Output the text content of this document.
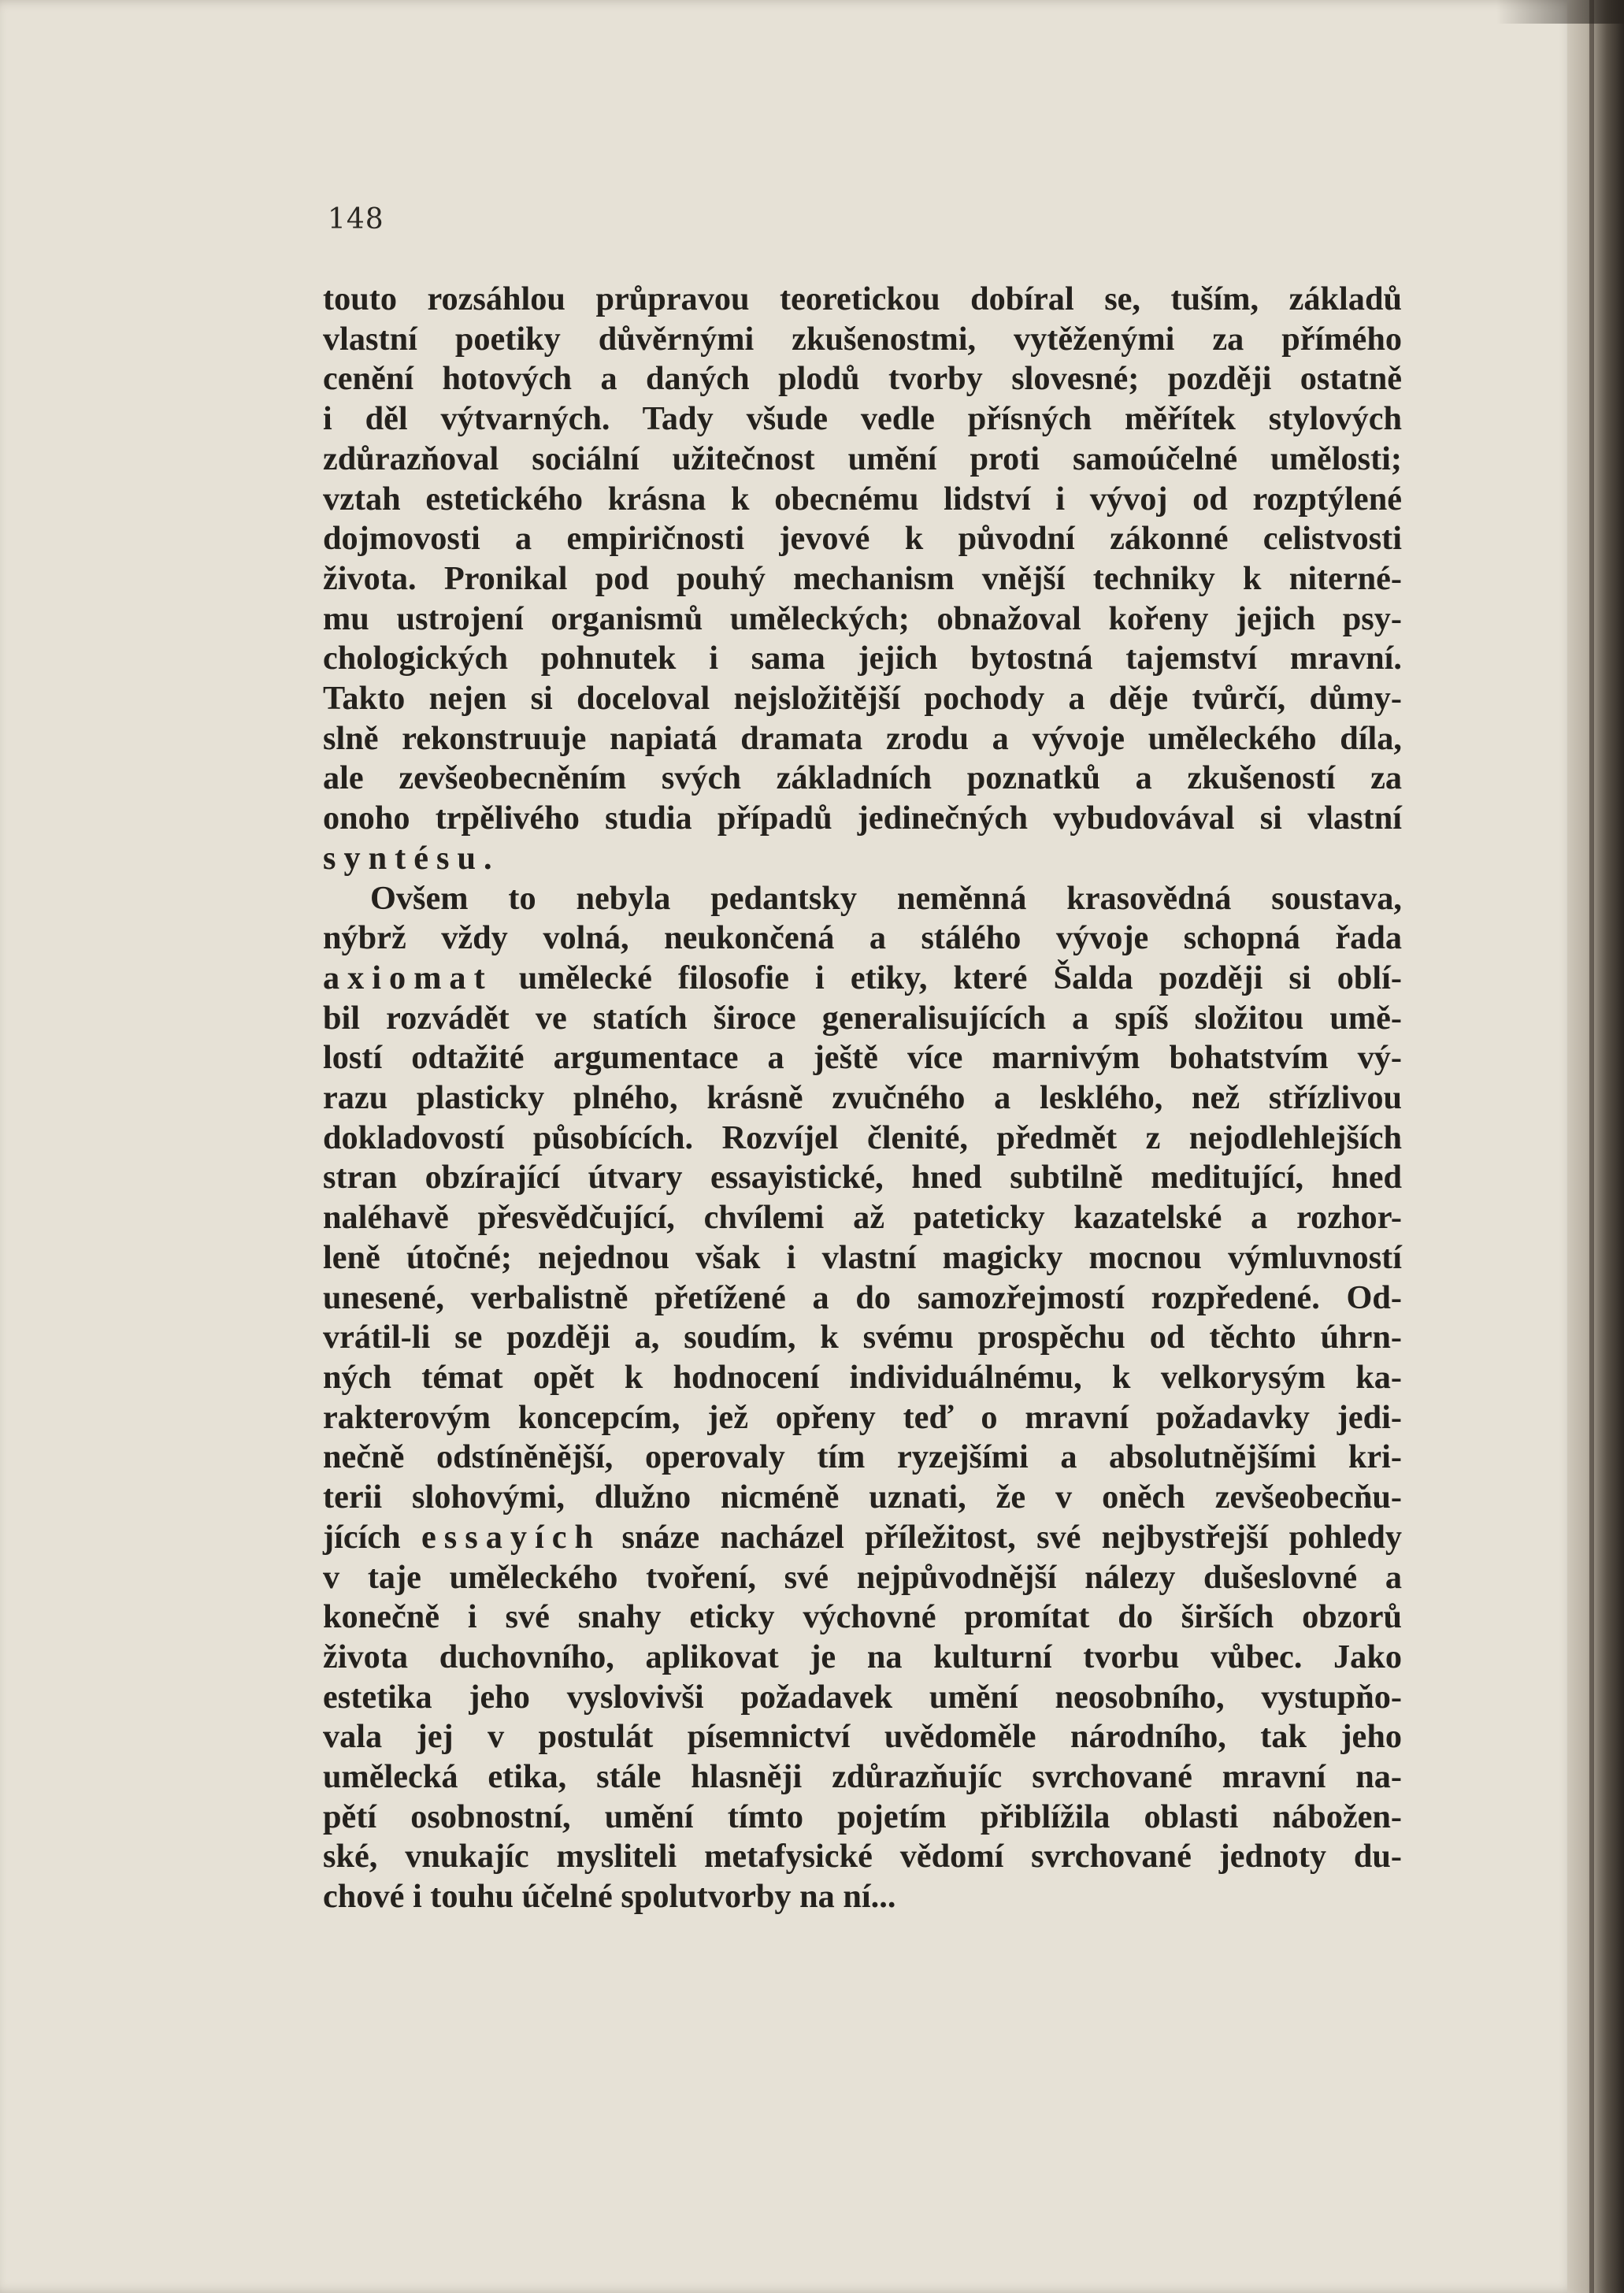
148
touto rozsáhlou průpravou teoretickou dobíral se, tuším, základů
vlastní poetiky důvěrnými zkušenostmi, vytěženými za přímého
cenění hotových a daných plodů tvorby slovesné; později ostatně
i děl výtvarných. Tady všude vedle přísných měřítek stylových
zdůrazňoval sociální užitečnost umění proti samoúčelné umělosti;
vztah estetického krásna k obecnému lidství i vývoj od rozptýlené
dojmovosti a empiričnosti jevové k původní zákonné celistvosti
života. Pronikal pod pouhý mechanism vnější techniky k niterné-
mu ustrojení organismů uměleckých; obnažoval kořeny jejich psy-
chologických pohnutek i sama jejich bytostná tajemství mravní.
Takto nejen si doceloval nejsložitější pochody a děje tvůrčí, důmy-
slně rekonstruuje napiatá dramata zrodu a vývoje uměleckého díla,
ale zevšeobecněním svých základních poznatků a zkušeností za
onoho trpělivého studia případů jedinečných vybudovával si vlastní
syntésu.
Ovšem to nebyla pedantsky neměnná krasovědná soustava,
nýbrž vždy volná, neukončená a stálého vývoje schopná řada
axiomat umělecké filosofie i etiky, které Šalda později si oblí-
bil rozvádět ve statích široce generalisujících a spíš složitou umě-
lostí odtažité argumentace a ještě více marnivým bohatstvím vý-
razu plasticky plného, krásně zvučného a lesklého, než střízlivou
dokladovostí působících. Rozvíjel členité, předmět z nejodlehlejších
stran obzírající útvary essayistické, hned subtilně meditující, hned
naléhavě přesvědčující, chvílemi až pateticky kazatelské a rozhor-
leně útočné; nejednou však i vlastní magicky mocnou výmluvností
unesené, verbalistně přetížené a do samozřejmostí rozpředené. Od-
vrátil-li se později a, soudím, k svému prospěchu od těchto úhrn-
ných témat opět k hodnocení individuálnému, k velkorysým ka-
rakterovým koncepcím, jež opřeny teď o mravní požadavky jedi-
nečně odstíněnější, operovaly tím ryzejšími a absolutnějšími kri-
terii slohovými, dlužno nicméně uznati, že v oněch zevšeobecňu-
jících essayích snáze nacházel příležitost, své nejbystřejší pohledy
v taje uměleckého tvoření, své nejpůvodnější nálezy dušeslovné a
konečně i své snahy eticky výchovné promítat do širších obzorů
života duchovního, aplikovat je na kulturní tvorbu vůbec. Jako
estetika jeho vyslovivši požadavek umění neosobního, vystupňo-
vala jej v postulát písemnictví uvědoměle národního, tak jeho
umělecká etika, stále hlasněji zdůrazňujíc svrchované mravní na-
pětí osobnostní, umění tímto pojetím přiblížila oblasti nábožen-
ské, vnukajíc mysliteli metafysické vědomí svrchované jednoty du-
chové i touhu účelné spolutvorby na ní...
